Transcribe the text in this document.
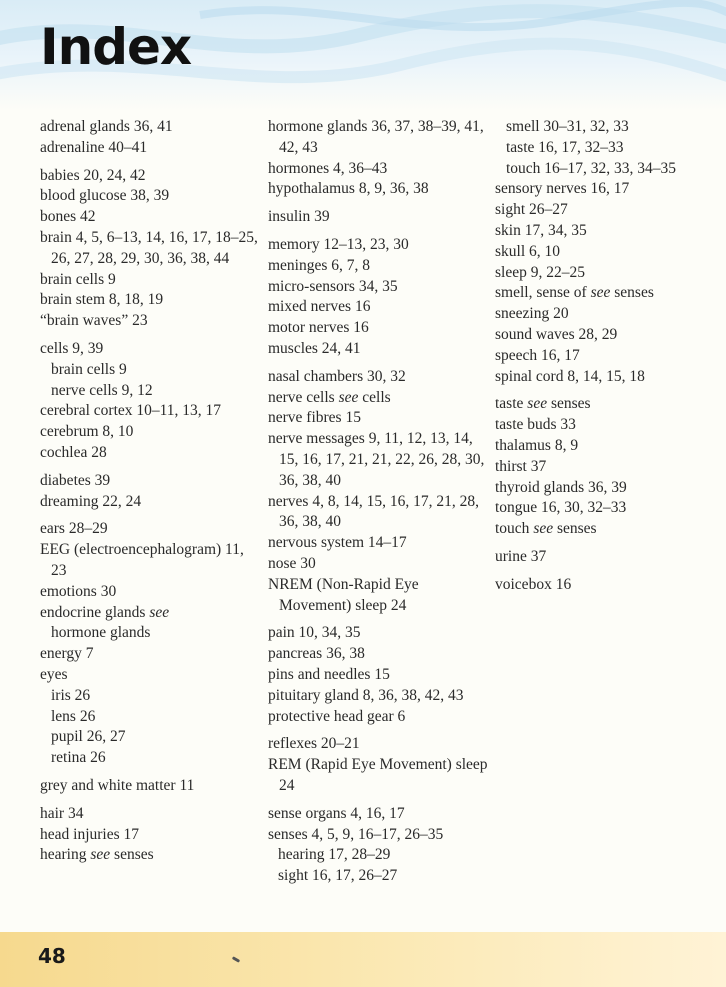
Index
adrenal glands 36, 41
adrenaline 40–41
babies 20, 24, 42
blood glucose 38, 39
bones 42
brain 4, 5, 6–13, 14, 16, 17, 18–25, 26, 27, 28, 29, 30, 36, 38, 44
brain cells 9
brain stem 8, 18, 19
“brain waves” 23
cells 9, 39
brain cells 9
nerve cells 9, 12
cerebral cortex 10–11, 13, 17
cerebrum 8, 10
cochlea 28
diabetes 39
dreaming 22, 24
ears 28–29
EEG (electroencephalogram) 11, 23
emotions 30
endocrine glands see
hormone glands
energy 7
eyes
iris 26
lens 26
pupil 26, 27
retina 26
grey and white matter 11
hair 34
head injuries 17
hearing see senses
hormone glands 36, 37, 38–39, 41, 42, 43
hormones 4, 36–43
hypothalamus 8, 9, 36, 38
insulin 39
memory 12–13, 23, 30
meninges 6, 7, 8
micro-sensors 34, 35
mixed nerves 16
motor nerves 16
muscles 24, 41
nasal chambers 30, 32
nerve cells see cells
nerve fibres 15
nerve messages 9, 11, 12, 13, 14, 15, 16, 17, 21, 21, 22, 26, 28, 30, 36, 38, 40
nerves 4, 8, 14, 15, 16, 17, 21, 28, 36, 38, 40
nervous system 14–17
nose 30
NREM (Non-Rapid Eye Movement) sleep 24
pain 10, 34, 35
pancreas 36, 38
pins and needles 15
pituitary gland 8, 36, 38, 42, 43
protective head gear 6
reflexes 20–21
REM (Rapid Eye Movement) sleep 24
sense organs 4, 16, 17
senses 4, 5, 9, 16–17, 26–35
hearing 17, 28–29
sight 16, 17, 26–27
smell 30–31, 32, 33
taste 16, 17, 32–33
touch 16–17, 32, 33, 34–35
sensory nerves 16, 17
sight 26–27
skin 17, 34, 35
skull 6, 10
sleep 9, 22–25
smell, sense of see senses
sneezing 20
sound waves 28, 29
speech 16, 17
spinal cord 8, 14, 15, 18
taste see senses
taste buds 33
thalamus 8, 9
thirst 37
thyroid glands 36, 39
tongue 16, 30, 32–33
touch see senses
urine 37
voicebox 16
48
